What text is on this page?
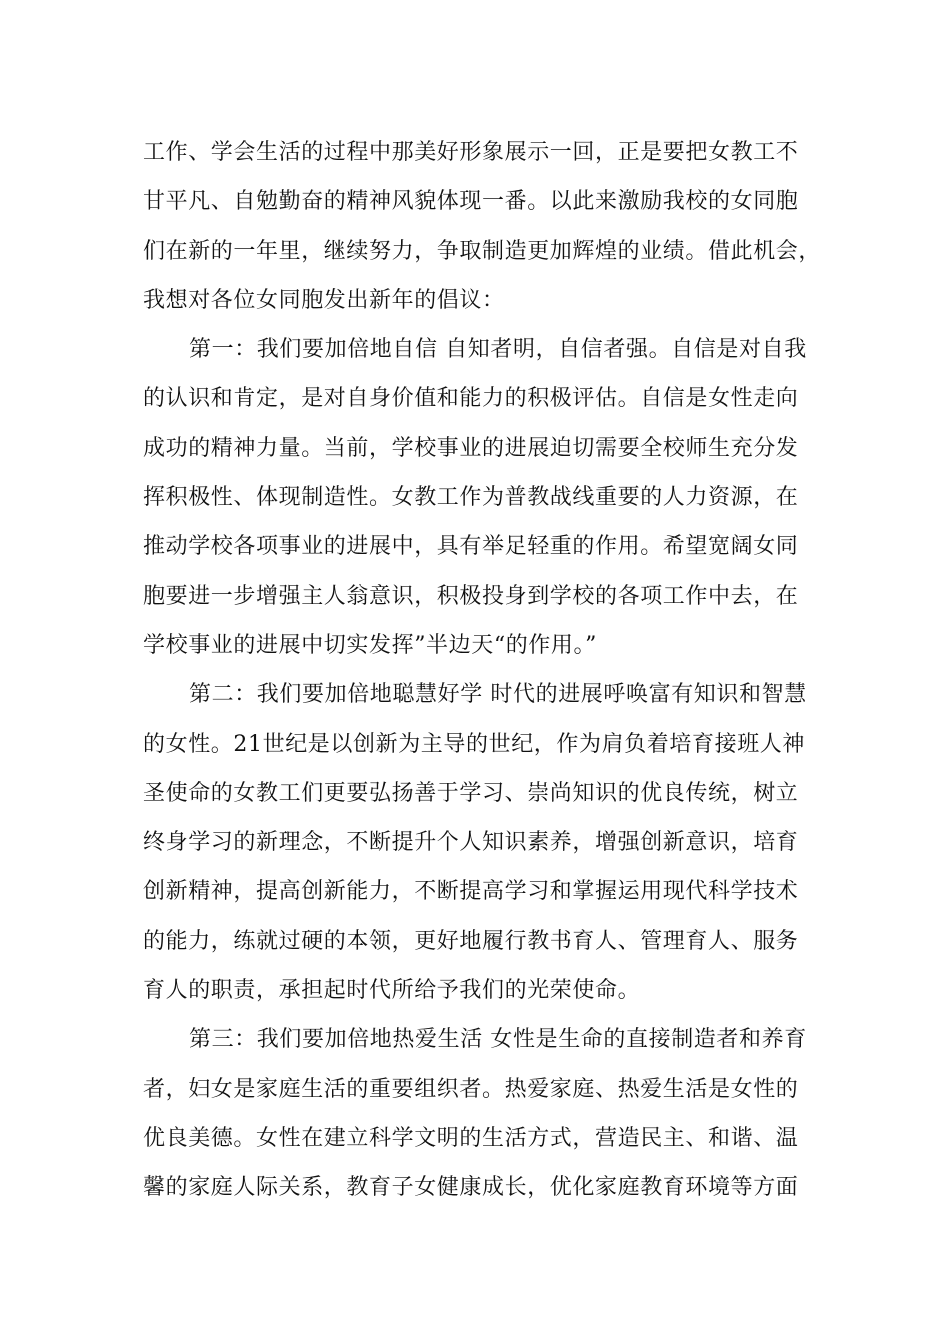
工作、学会生活的过程中那美好形象展示一回，正是要把女教工不
甘平凡、自勉勤奋的精神风貌体现一番。以此来激励我校的女同胞
们在新的一年里，继续努力，争取制造更加辉煌的业绩。借此机会，
我想对各位女同胞发出新年的倡议：
第一：我们要加倍地自信 自知者明，自信者强。自信是对自我
的认识和肯定，是对自身价值和能力的积极评估。自信是女性走向
成功的精神力量。当前，学校事业的进展迫切需要全校师生充分发
挥积极性、体现制造性。女教工作为普教战线重要的人力资源，在
推动学校各项事业的进展中，具有举足轻重的作用。希望宽阔女同
胞要进一步增强主人翁意识，积极投身到学校的各项工作中去，在
学校事业的进展中切实发挥”半边天“的作用。”
第二：我们要加倍地聪慧好学 时代的进展呼唤富有知识和智慧
的女性。21世纪是以创新为主导的世纪，作为肩负着培育接班人神
圣使命的女教工们更要弘扬善于学习、崇尚知识的优良传统，树立
终身学习的新理念，不断提升个人知识素养，增强创新意识，培育
创新精神，提高创新能力，不断提高学习和掌握运用现代科学技术
的能力，练就过硬的本领，更好地履行教书育人、管理育人、服务
育人的职责，承担起时代所给予我们的光荣使命。
第三：我们要加倍地热爱生活 女性是生命的直接制造者和养育
者，妇女是家庭生活的重要组织者。热爱家庭、热爱生活是女性的
优良美德。女性在建立科学文明的生活方式，营造民主、和谐、温
馨的家庭人际关系，教育子女健康成长，优化家庭教育环境等方面
